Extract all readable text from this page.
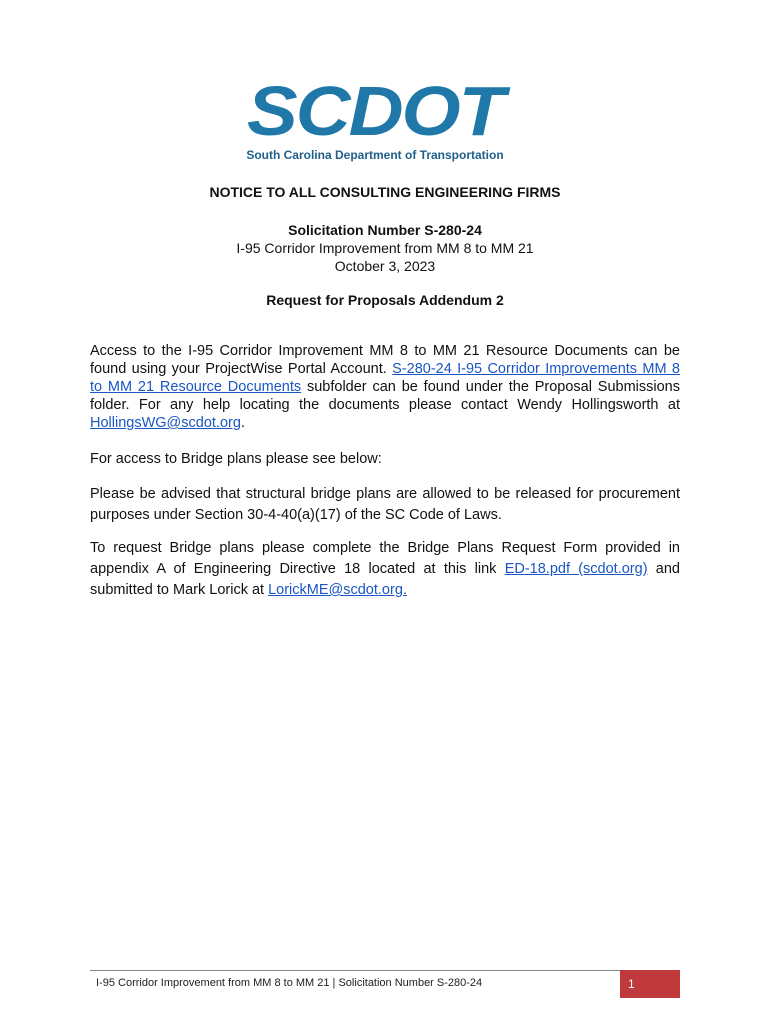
SCDOT
South Carolina Department of Transportation
NOTICE TO ALL CONSULTING ENGINEERING FIRMS
Solicitation Number S-280-24
I-95 Corridor Improvement from MM 8 to MM 21
October 3, 2023
Request for Proposals Addendum 2
Access to the I-95 Corridor Improvement MM 8 to MM 21 Resource Documents can be found using your ProjectWise Portal Account. S-280-24 I-95 Corridor Improvements MM 8 to MM 21 Resource Documents subfolder can be found under the Proposal Submissions folder. For any help locating the documents please contact Wendy Hollingsworth at HollingsWG@scdot.org.
For access to Bridge plans please see below:
Please be advised that structural bridge plans are allowed to be released for procurement purposes under Section 30-4-40(a)(17) of the SC Code of Laws.
To request Bridge plans please complete the Bridge Plans Request Form provided in appendix A of Engineering Directive 18 located at this link ED-18.pdf (scdot.org) and submitted to Mark Lorick at LorickME@scdot.org.
I-95 Corridor Improvement from MM 8 to MM 21 | Solicitation Number S-280-24	1
